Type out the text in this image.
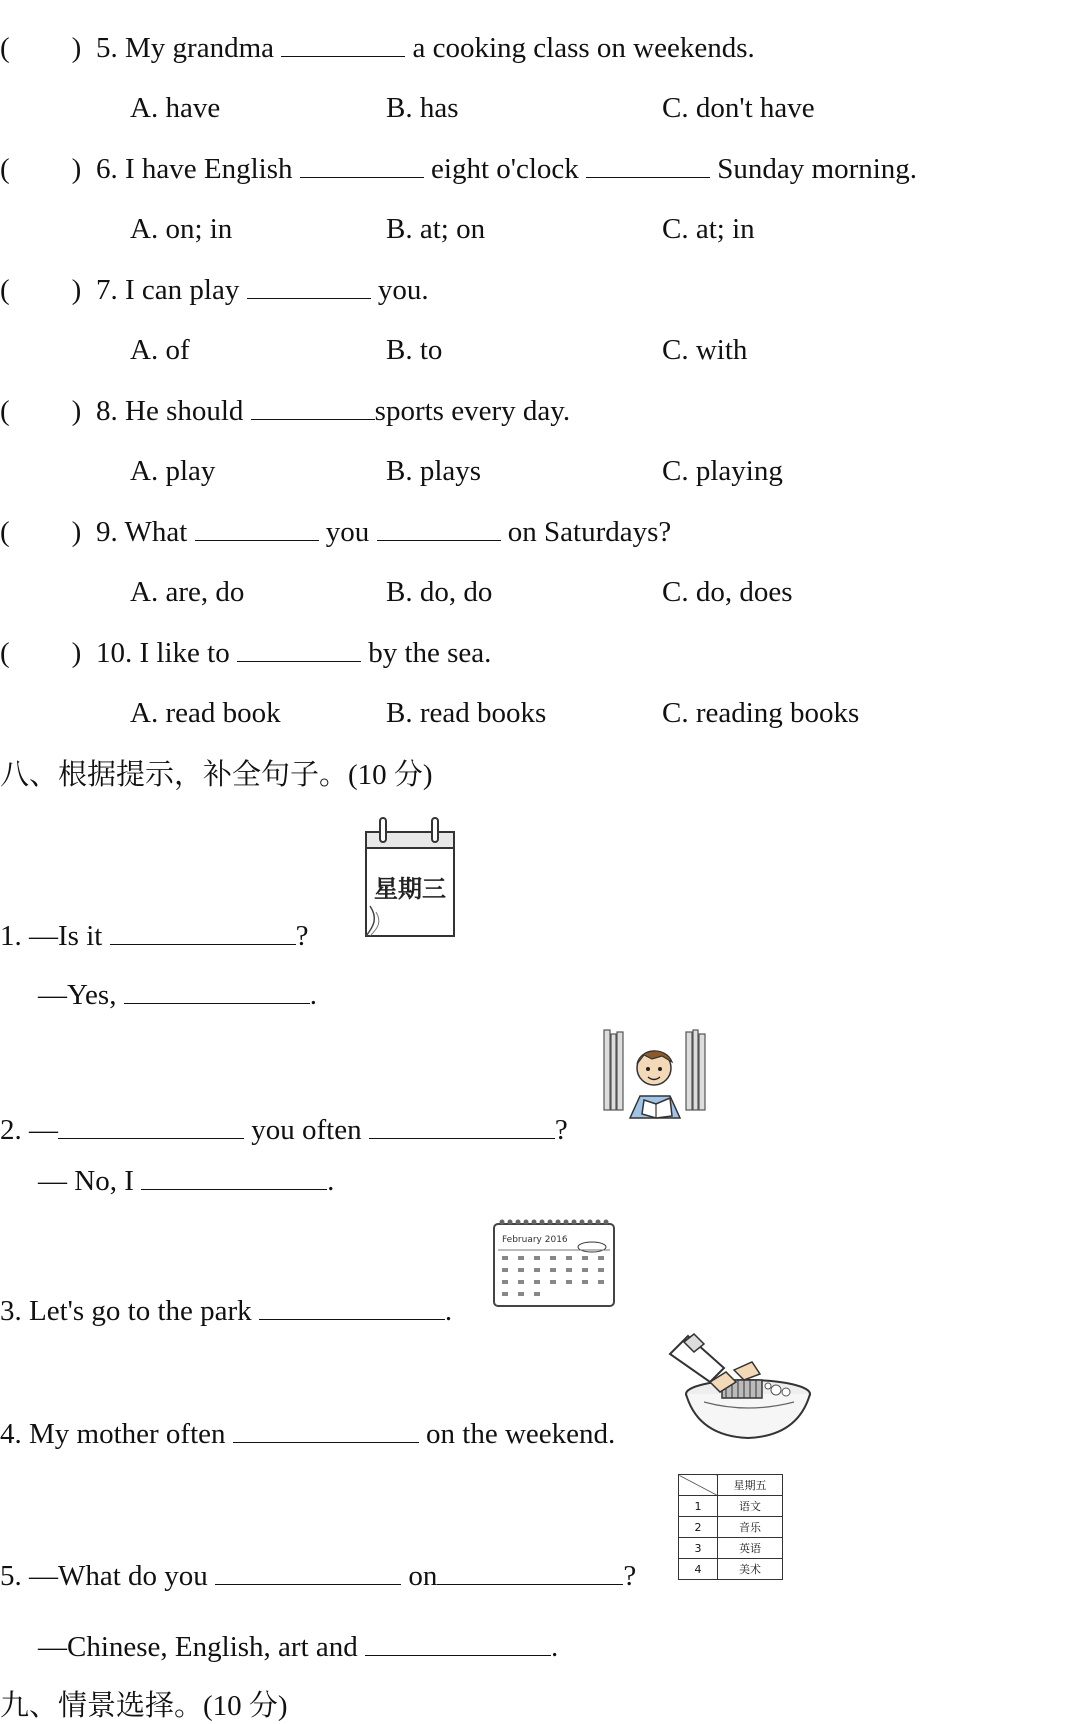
( ) 5. My grandma	a cooking class on weekends.
A. have	B. has	C. don't have
( ) 6. I have English	eight o'clock	Sunday morning.
A. on; in	B. at; on	C. at; in
( ) 7. I can play	you.
A. of	B. to	C. with
( ) 8. He should	sports every day.
A. play	B. plays	C. playing
( ) 9. What	you	on Saturdays?
A. are, do	B. do, do	C. do, does
( ) 10. I like to	by the sea.
A. read book	B. read books	C. reading books
八、根据提示，补全句子。(10 分)
星期三
1. —Is it	?
—Yes,	.
2. —	you often	?
— No, I	.
February 2016
3. Let's go to the park	.
4. My mother often	on the weekend.
	星期五
1	语文
2	音乐
3	英语
4	美术
5. —What do you	on	?
—Chinese, English, art and	.
九、情景选择。(10 分)
